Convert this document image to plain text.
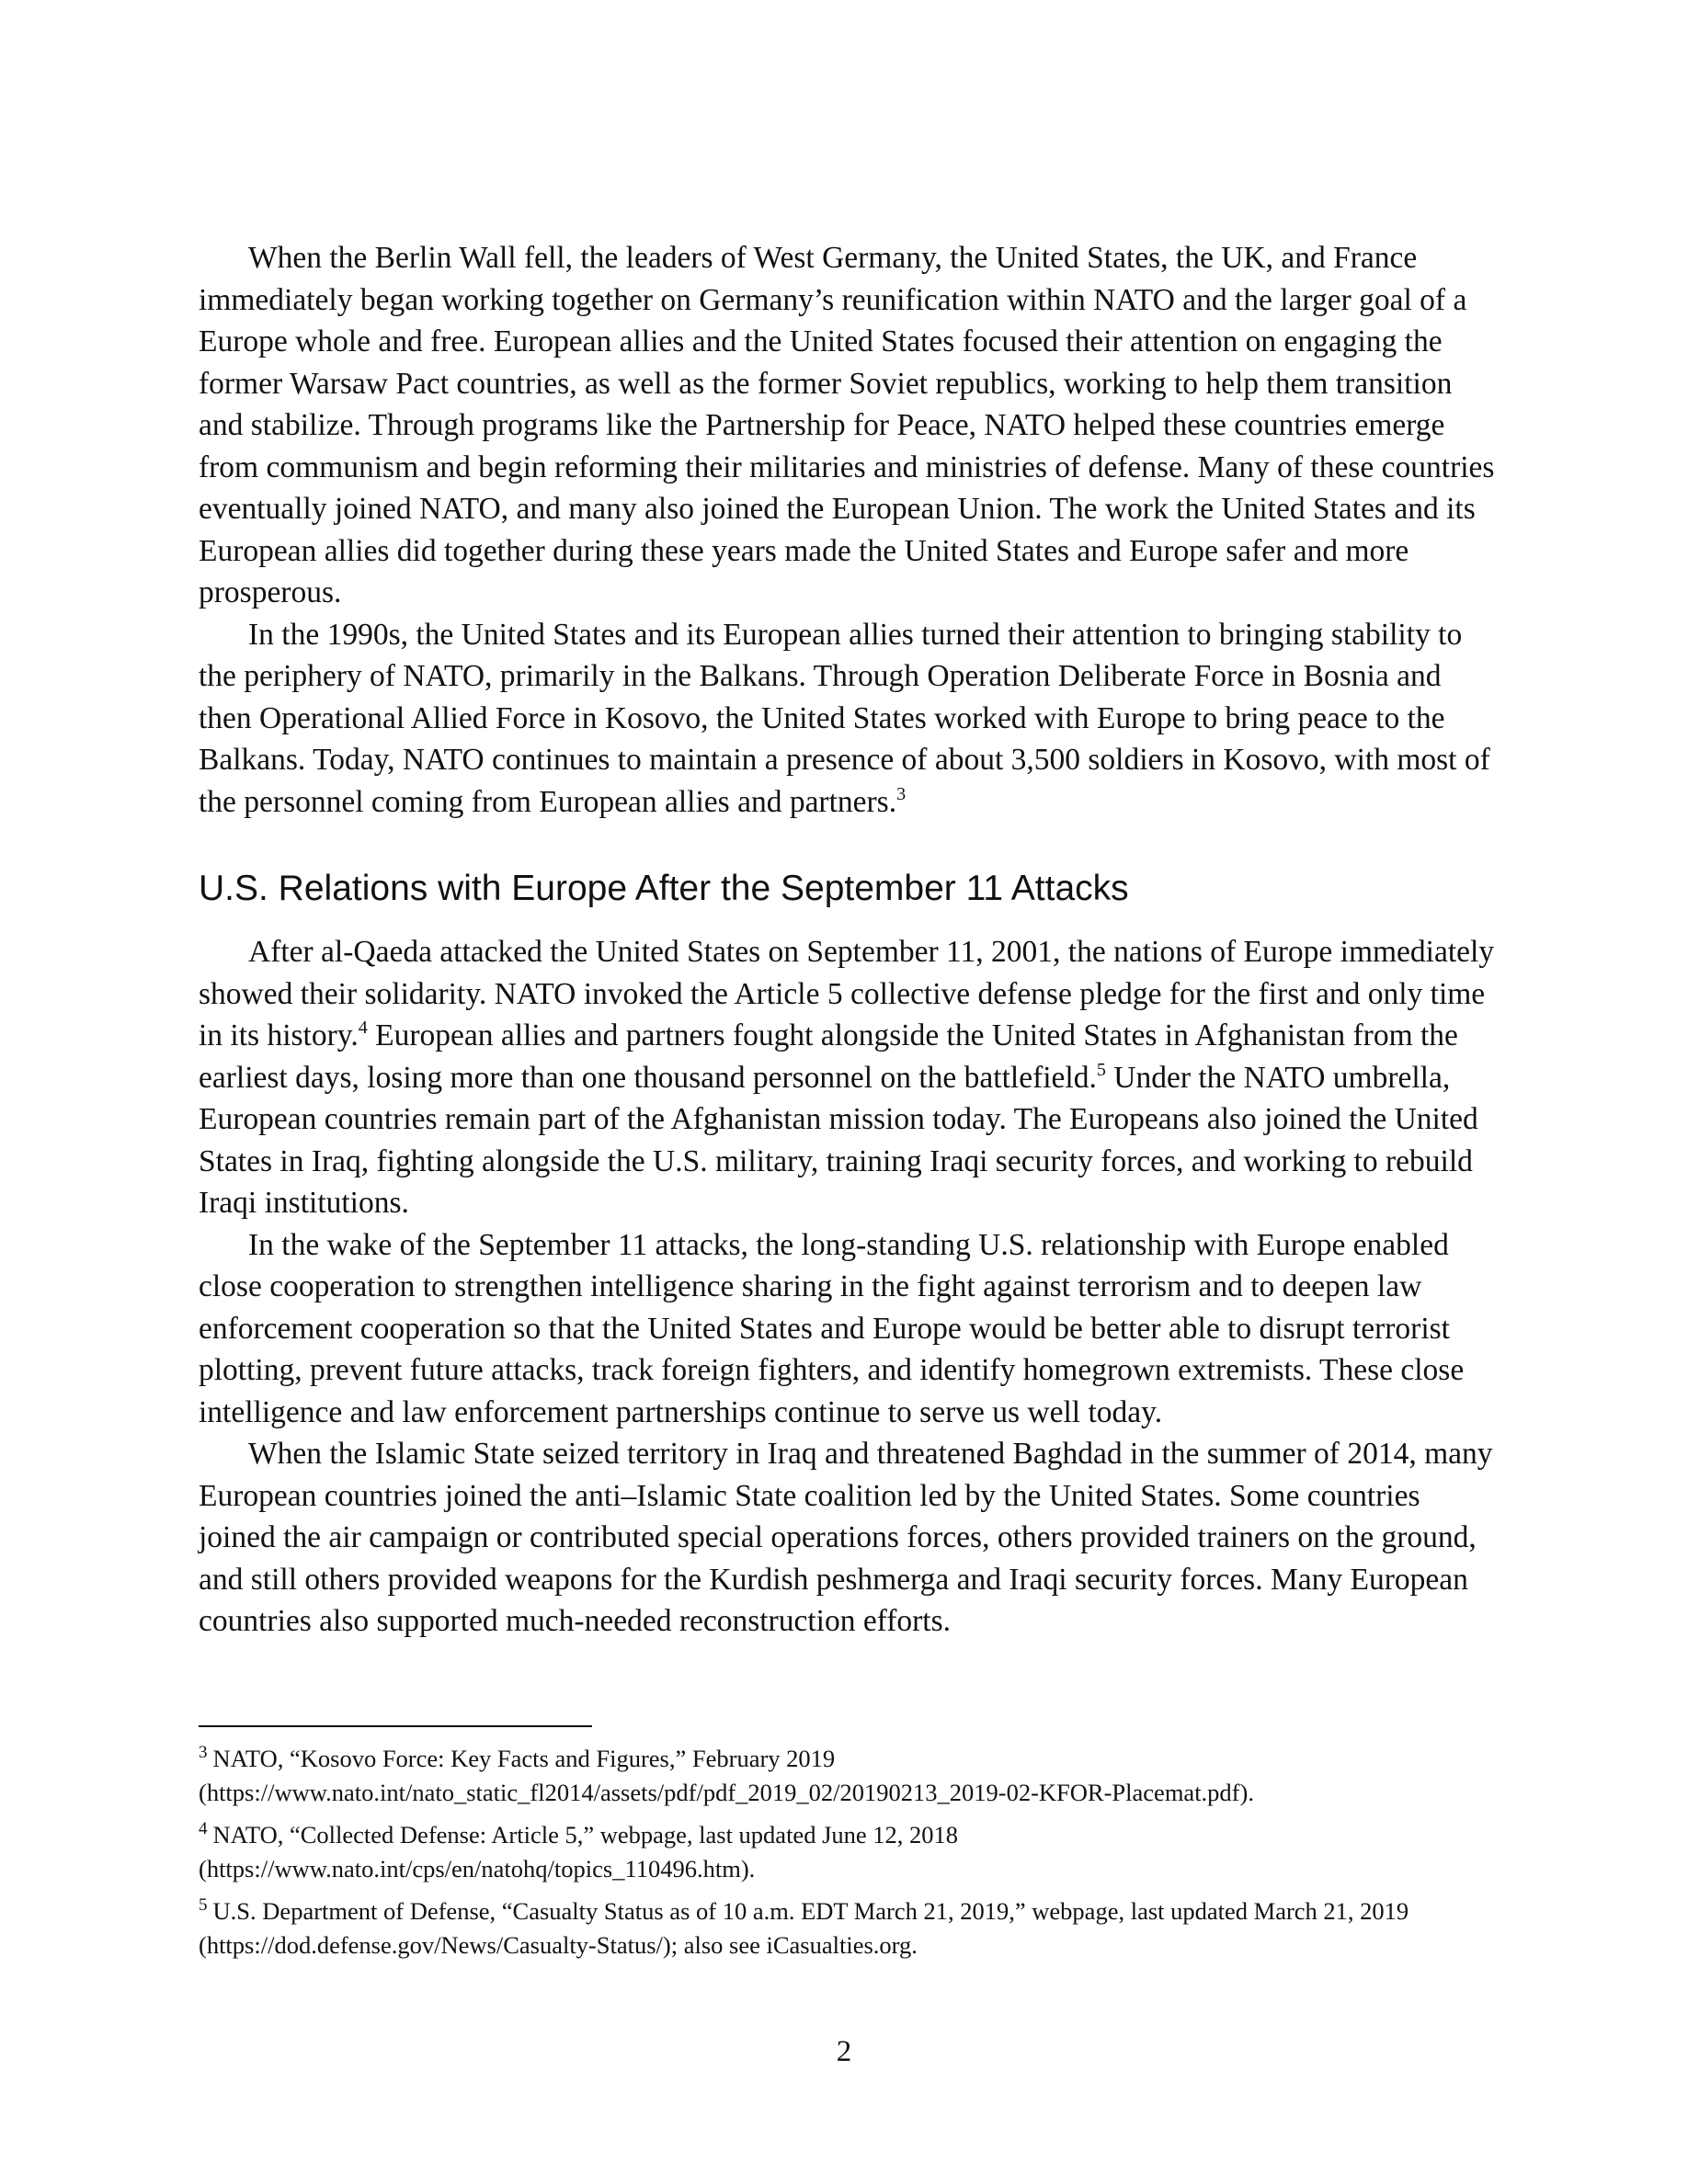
When the Berlin Wall fell, the leaders of West Germany, the United States, the UK, and France immediately began working together on Germany’s reunification within NATO and the larger goal of a Europe whole and free. European allies and the United States focused their attention on engaging the former Warsaw Pact countries, as well as the former Soviet republics, working to help them transition and stabilize. Through programs like the Partnership for Peace, NATO helped these countries emerge from communism and begin reforming their militaries and ministries of defense. Many of these countries eventually joined NATO, and many also joined the European Union. The work the United States and its European allies did together during these years made the United States and Europe safer and more prosperous.

In the 1990s, the United States and its European allies turned their attention to bringing stability to the periphery of NATO, primarily in the Balkans. Through Operation Deliberate Force in Bosnia and then Operational Allied Force in Kosovo, the United States worked with Europe to bring peace to the Balkans. Today, NATO continues to maintain a presence of about 3,500 soldiers in Kosovo, with most of the personnel coming from European allies and partners.$^3$

U.S. Relations with Europe After the September 11 Attacks

After al-Qaeda attacked the United States on September 11, 2001, the nations of Europe immediately showed their solidarity. NATO invoked the Article 5 collective defense pledge for the first and only time in its history.$^4$ European allies and partners fought alongside the United States in Afghanistan from the earliest days, losing more than one thousand personnel on the battlefield.$^5$ Under the NATO umbrella, European countries remain part of the Afghanistan mission today. The Europeans also joined the United States in Iraq, fighting alongside the U.S. military, training Iraqi security forces, and working to rebuild Iraqi institutions.

In the wake of the September 11 attacks, the long-standing U.S. relationship with Europe enabled close cooperation to strengthen intelligence sharing in the fight against terrorism and to deepen law enforcement cooperation so that the United States and Europe would be better able to disrupt terrorist plotting, prevent future attacks, track foreign fighters, and identify homegrown extremists. These close intelligence and law enforcement partnerships continue to serve us well today.

When the Islamic State seized territory in Iraq and threatened Baghdad in the summer of 2014, many European countries joined the anti–Islamic State coalition led by the United States. Some countries joined the air campaign or contributed special operations forces, others provided trainers on the ground, and still others provided weapons for the Kurdish peshmerga and Iraqi security forces. Many European countries also supported much-needed reconstruction efforts.

$^3$ NATO, “Kosovo Force: Key Facts and Figures,” February 2019 (https://www.nato.int/nato_static_fl2014/assets/pdf/pdf_2019_02/20190213_2019-02-KFOR-Placemat.pdf).

$^4$ NATO, “Collected Defense: Article 5,” webpage, last updated June 12, 2018 (https://www.nato.int/cps/en/natohq/topics_110496.htm).

$^5$ U.S. Department of Defense, “Casualty Status as of 10 a.m. EDT March 21, 2019,” webpage, last updated March 21, 2019 (https://dod.defense.gov/News/Casualty-Status/); also see iCasualties.org.

2
